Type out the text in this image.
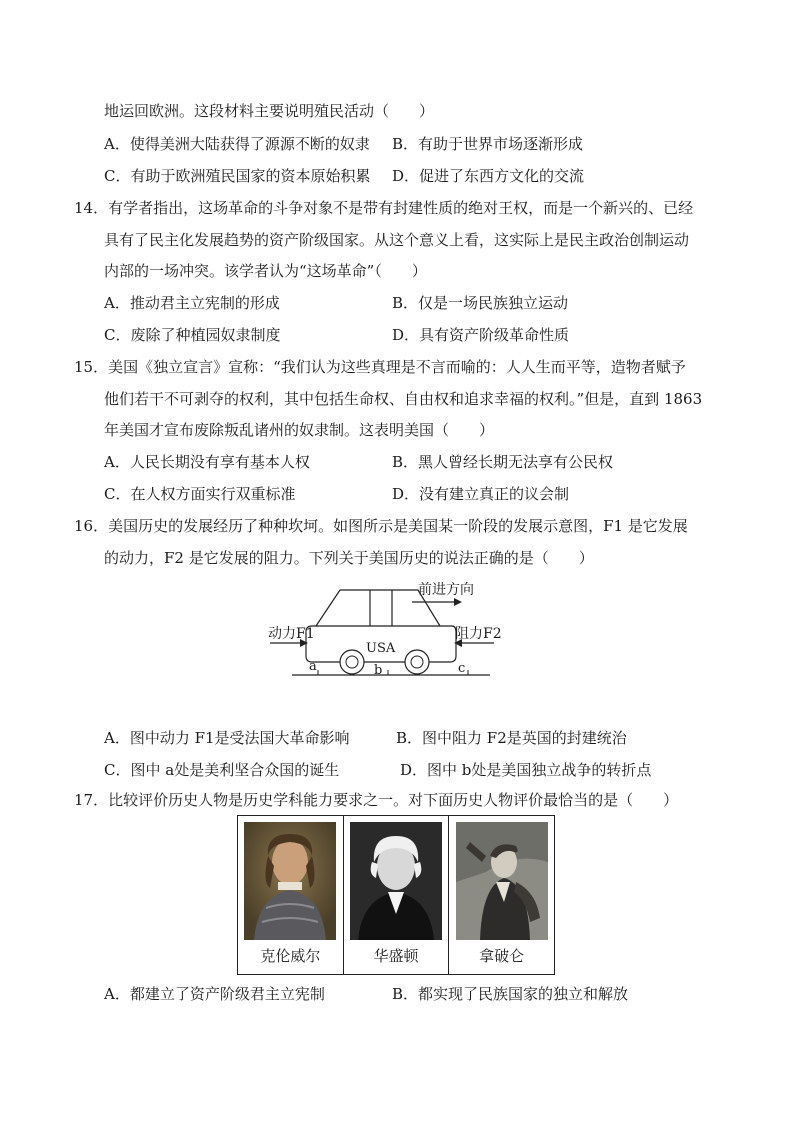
地运回欧洲。这段材料主要说明殖民活动（　　）
A．使得美洲大陆获得了源源不断的奴隶 B．有助于世界市场逐渐形成
C．有助于欧洲殖民国家的资本原始积累 D．促进了东西方文化的交流
14．有学者指出，这场革命的斗争对象不是带有封建性质的绝对王权，而是一个新兴的、已经
具有了民主化发展趋势的资产阶级国家。从这个意义上看，这实际上是民主政治创制运动
内部的一场冲突。该学者认为“这场革命”（　　）
A．推动君主立宪制的形成	B．仅是一场民族独立运动
C．废除了种植园奴隶制度	D．具有资产阶级革命性质
15．美国《独立宣言》宣称：“我们认为这些真理是不言而喻的：人人生而平等，造物者赋予
他们若干不可剥夺的权利，其中包括生命权、自由权和追求幸福的权利。”但是，直到 1863
年美国才宣布废除叛乱诸州的奴隶制。这表明美国（　　）
A．人民长期没有享有基本人权	B．黑人曾经长期无法享有公民权
C．在人权方面实行双重标准	D．没有建立真正的议会制
16．美国历史的发展经历了种种坎坷。如图所示是美国某一阶段的发展示意图，F1 是它发展
的动力，F2 是它发展的阻力。下列关于美国历史的说法正确的是（　　）
前进方向
动力F1	阻力F2
USA
a	b	c
A．图中动力 F1是受法国大革命影响	B．图中阻力 F2是英国的封建统治
C．图中 a处是美利坚合众国的诞生	D．图中 b处是美国独立战争的转折点
17．比较评价历史人物是历史学科能力要求之一。对下面历史人物评价最恰当的是（　　）
克伦威尔	华盛顿	拿破仑
A．都建立了资产阶级君主立宪制	B．都实现了民族国家的独立和解放
